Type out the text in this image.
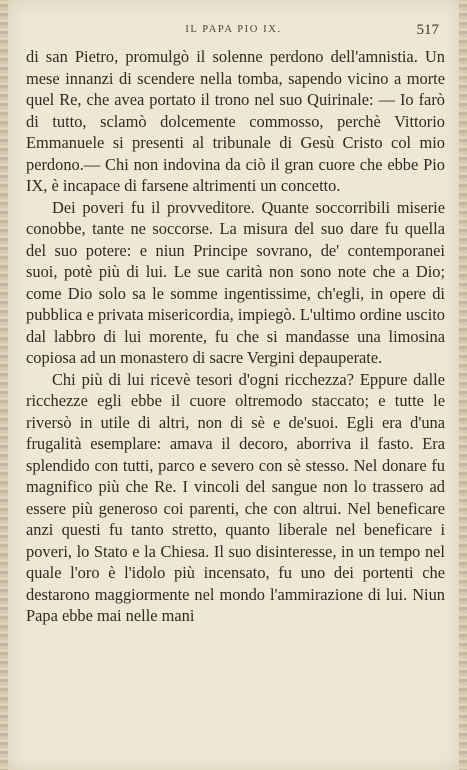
IL PAPA PIO IX.	517

di san Pietro, promulgò il solenne perdono dell'amnistia. Un mese innanzi di scendere nella tomba, sapendo vicino a morte quel Re, che avea portato il trono nel suo Quirinale: — Io farò di tutto, sclamò dolcemente commosso, perchè Vittorio Emmanuele si presenti al tribunale di Gesù Cristo col mio perdono.— Chi non indovina da ciò il gran cuore che ebbe Pio IX, è incapace di farsene altrimenti un concetto.

Dei poveri fu il provveditore. Quante soccorribili miserie conobbe, tante ne soccorse. La misura del suo dare fu quella del suo potere: e niun Principe sovrano, de' contemporanei suoi, potè più di lui. Le sue carità non sono note che a Dio; come Dio solo sa le somme ingentissime, ch'egli, in opere di pubblica e privata misericordia, impiegò. L'ultimo ordine uscito dal labbro di lui morente, fu che si mandasse una limosina copiosa ad un monastero di sacre Vergini depauperate.

Chi più di lui ricevè tesori d'ogni ricchezza? Eppure dalle ricchezze egli ebbe il cuore oltremodo staccato; e tutte le riversò in utile di altri, non di sè e de'suoi. Egli era d'una frugalità esemplare: amava il decoro, aborriva il fasto. Era splendido con tutti, parco e severo con sè stesso. Nel donare fu magnifico più che Re. I vincoli del sangue non lo trassero ad essere più generoso coi parenti, che con altrui. Nel beneficare anzi questi fu tanto stretto, quanto liberale nel beneficare i poveri, lo Stato e la Chiesa. Il suo disinteresse, in un tempo nel quale l'oro è l'idolo più incensato, fu uno dei portenti che destarono maggiormente nel mondo l'ammirazione di lui. Niun Papa ebbe mai nelle mani
